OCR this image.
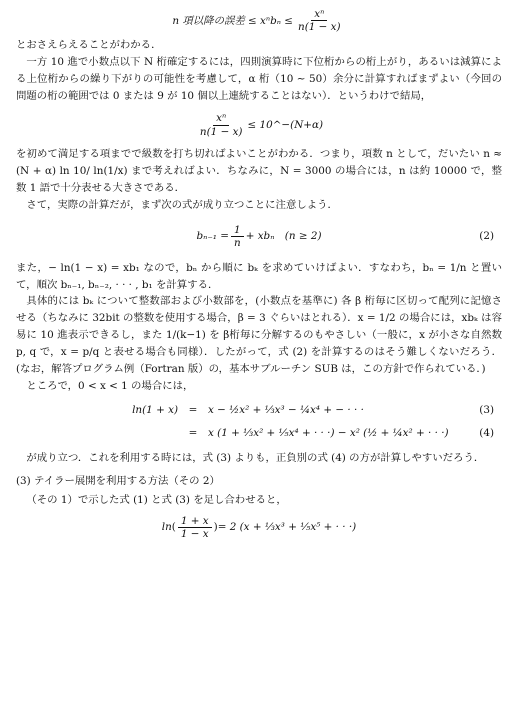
n 項以降の誤差 ≤ $x^nb_n \le \frac{\text{xⁿ}}{n(1 - x)}$

とおさえらえることがわかる．

一方 10 進で小数点以下 N 桁確定するには，四則演算時に下位桁からの桁上がり，あるいは減算による上位桁からの繰り下がりの可能性を考慮して，α 桁（10 ∼ 50）余分に計算すればまずよい（今回の問題の桁の範囲では 0 または 9 が 10 個以上連続することはない）．というわけで結局，

$\frac{\text{xⁿ}}{n(1 - x)}$ ≤ 10^−(N+α)

を初めて満足する項までで級数を打ち切ればよいことがわかる．つまり，項数 n として，だいたい n ≈ (N + α) ln 10/ ln(1/x) まで考えればよい．ちなみに，N = 3000 の場合には，n は約 10000 で，整数 1 語で十分表せる大きさである．

さて，実際の計算だが，まず次の式が成り立つことに注意しよう．

$b_{n-1} = \frac{1}{n} + xb_n$　(n ≥ 2)	(2)

また，− ln(1 − x) = xb₁ なので，bₙ から順に bₖ を求めていけばよい．すなわち，bₙ = 1/n と置いて，順次 bₙ₋₁, bₙ₋₂, · · · , b₁ を計算する．

具体的には bₖ について整数部および小数部を，(小数点を基準に) 各 β 桁毎に区切って配列に記憶させる（ちなみに 32bit の整数を使用する場合，β = 3 ぐらいはとれる）．x = 1/2 の場合には，xbₖ は容易に 10 進表示できるし，また 1/(k−1) を β桁毎に分解するのもやさしい（一般に，x が小さな自然数 p, q で，x = p/q と表せる場合も同様）．したがって，式 (2) を計算するのはそう難しくないだろう．(なお，解答プログラム例（Fortran 版）の，基本サブルーチン SUB は，この方針で作られている．)

ところで，0 < x < 1 の場合には，

ln(1 + x)	=	x − ½x² + ⅓x³ − ¼x⁴ + − · · ·	(3)
=	x (1 + ⅓x² + ⅕x⁴ + · · ·) − x² (½ + ¼x² + · · ·)	(4)

が成り立つ．これを利用する時には，式 (3) よりも，正負別の式 (4) の方が計算しやすいだろう．

(3) テイラー展開を利用する方法（その 2）

（その 1）で示した式 (1) と式 (3) を足し合わせると，

ln ( $\frac{1 + x}{1 - x}$ ) = 2 (x + ⅓x³ + ⅕x⁵ + · · ·)
